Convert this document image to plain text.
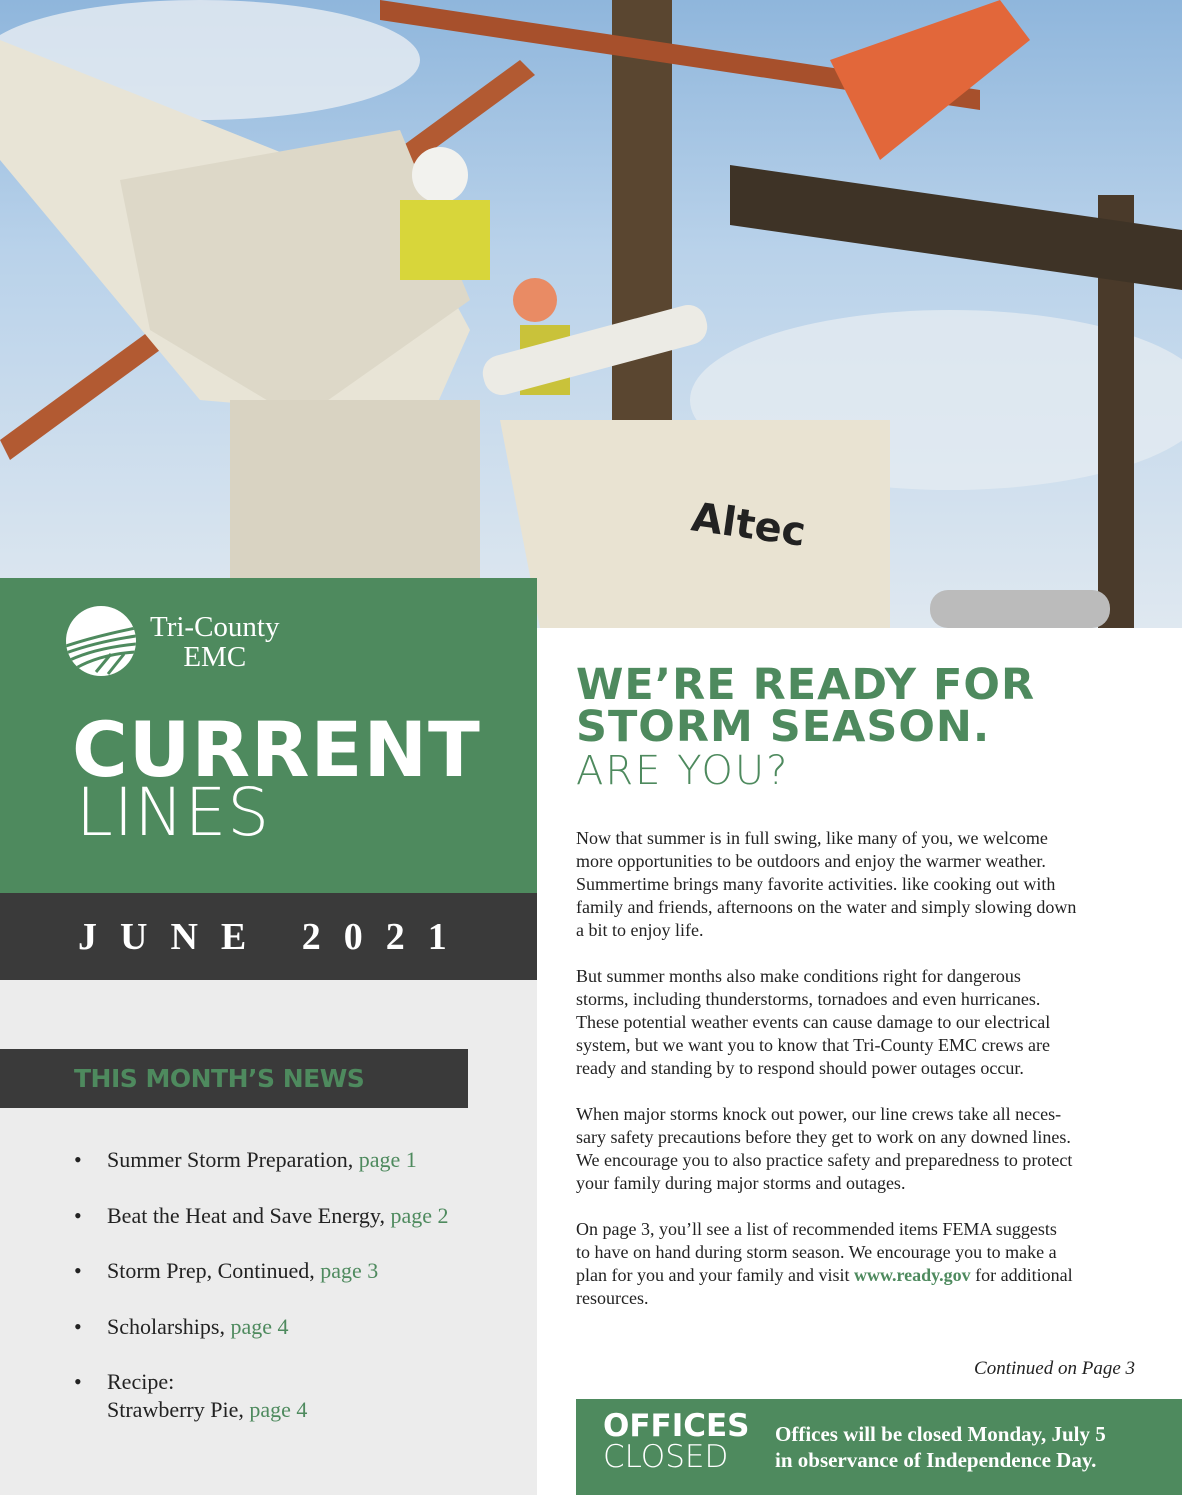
Altec
Tri-County
EMC
CURRENT
LINES
JUNE 2021
THIS MONTH’S NEWS
• Summer Storm Preparation, page 1
• Beat the Heat and Save Energy, page 2
• Storm Prep, Continued, page 3
• Scholarships, page 4
• Recipe:
Strawberry Pie, page 4
WE’RE READY FOR
STORM SEASON.
ARE YOU?

Now that summer is in full swing, like many of you, we welcome
more opportunities to be outdoors and enjoy the warmer weather.
Summertime brings many favorite activities. like cooking out with
family and friends, afternoons on the water and simply slowing down
a bit to enjoy life.

But summer months also make conditions right for dangerous
storms, including thunderstorms, tornadoes and even hurricanes.
These potential weather events can cause damage to our electrical
system, but we want you to know that Tri-County EMC crews are
ready and standing by to respond should power outages occur.

When major storms knock out power, our line crews take all neces-
sary safety precautions before they get to work on any downed lines.
We encourage you to also practice safety and preparedness to protect
your family during major storms and outages.

On page 3, you’ll see a list of recommended items FEMA suggests
to have on hand during storm season. We encourage you to make a
plan for you and your family and visit www.ready.gov for additional
resources.

Continued on Page 3
OFFICES
CLOSED
Offices will be closed Monday, July 5
in observance of Independence Day.
